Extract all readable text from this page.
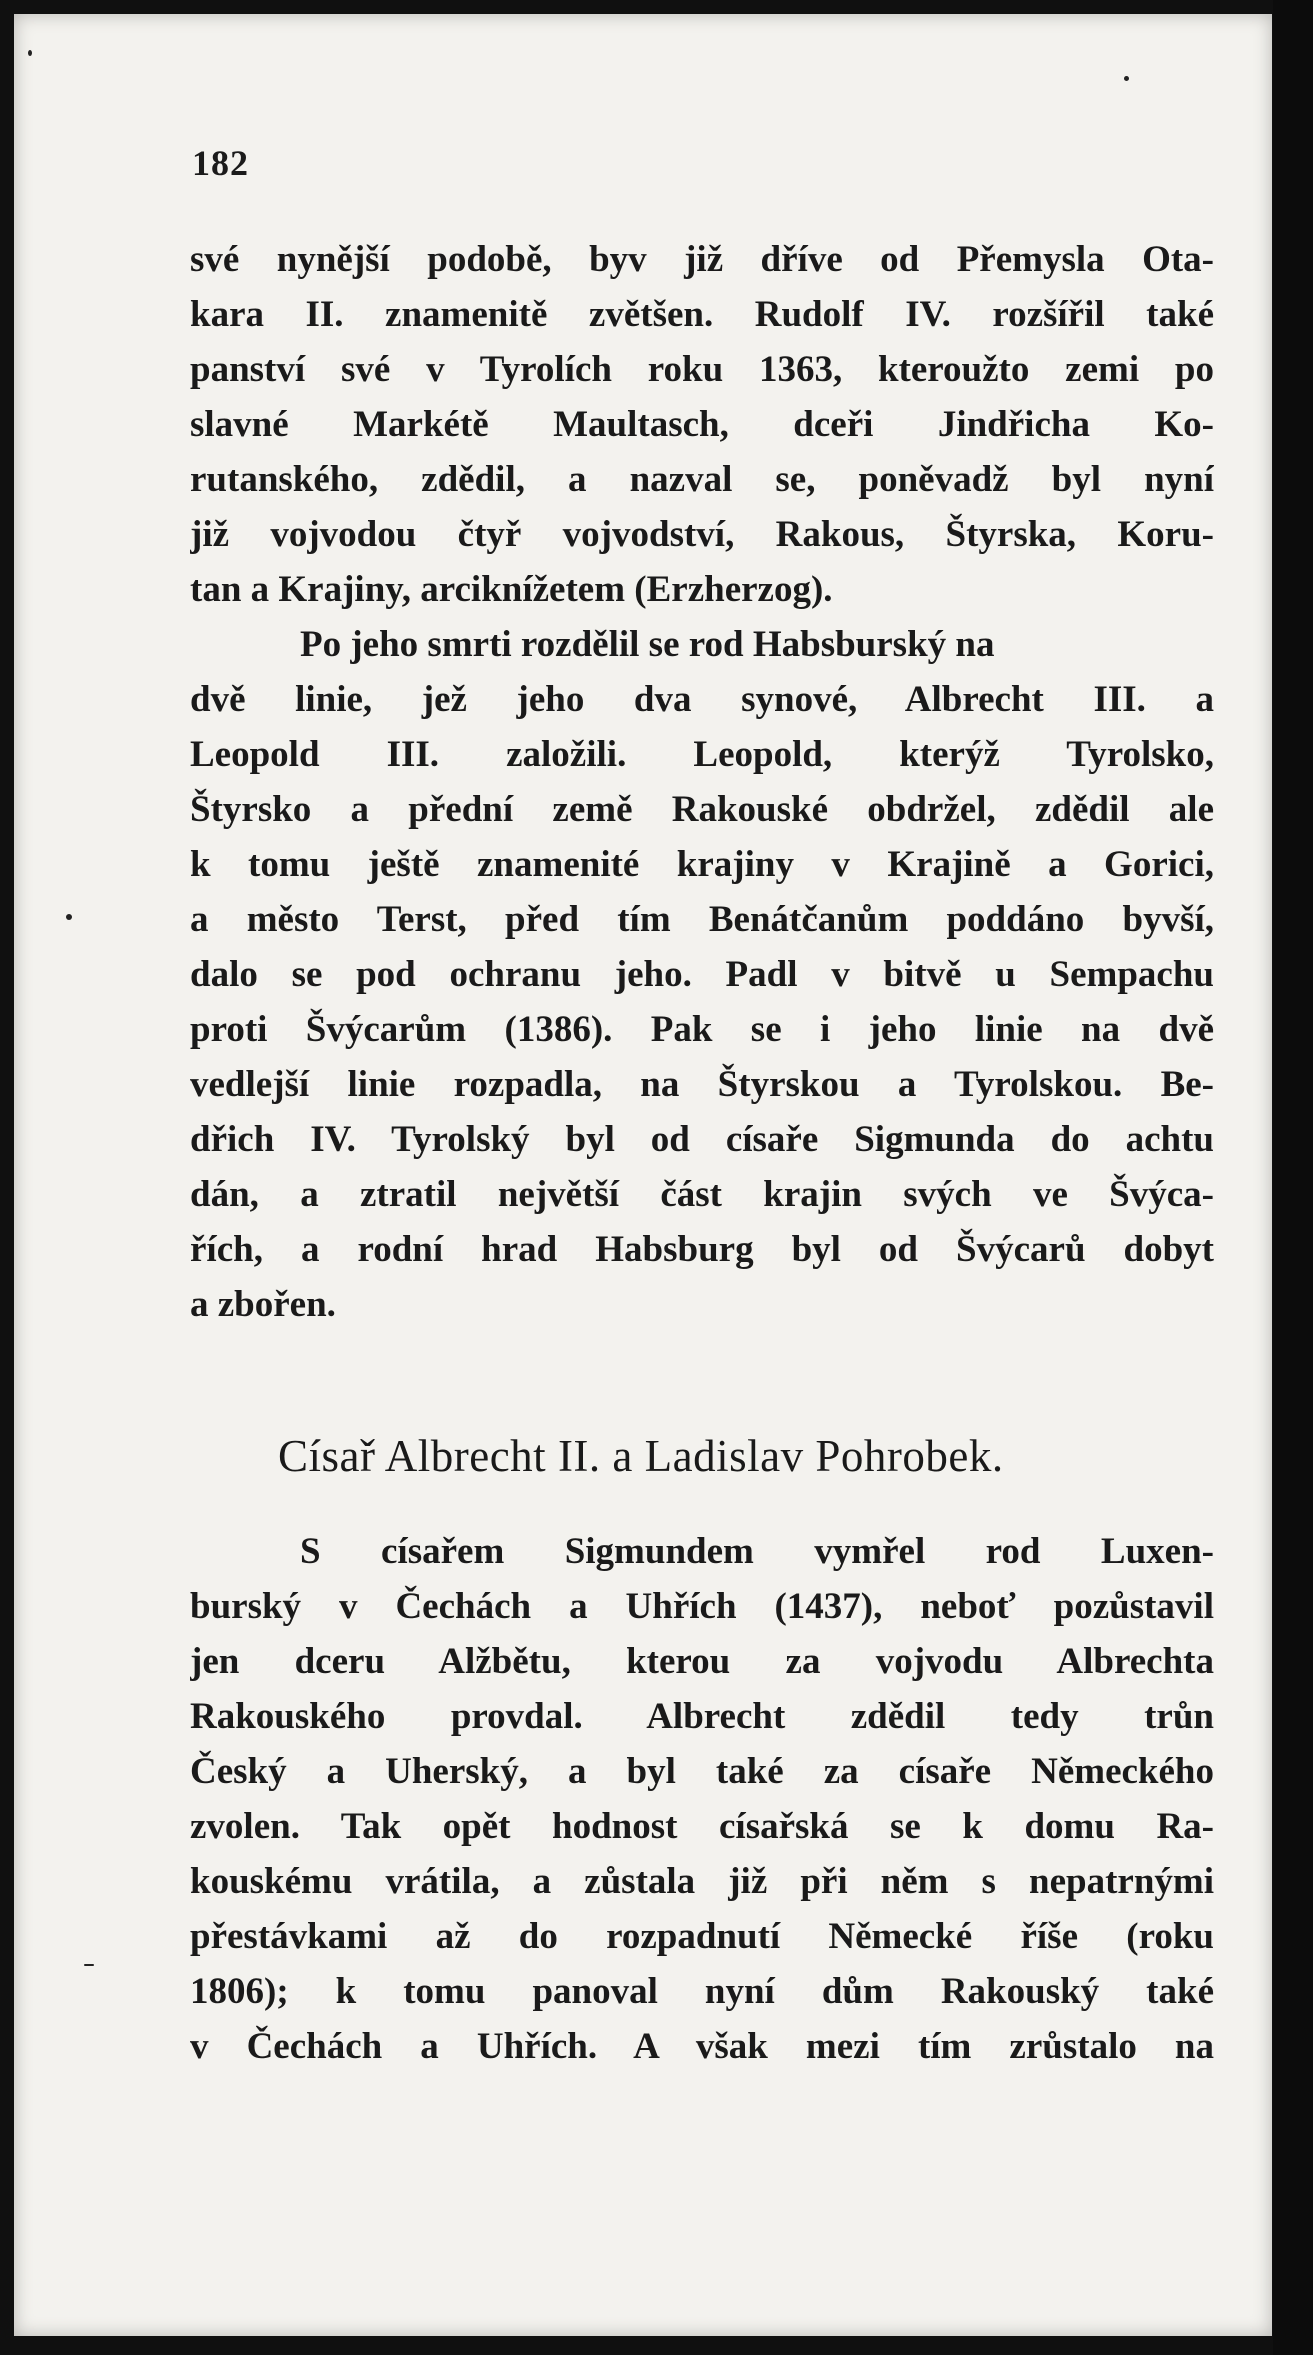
182
své nynější podobě, byv již dříve od Přemysla Ota-
kara II. znamenitě zvětšen. Rudolf IV. rozšířil také
panství své v Tyrolích roku 1363, kteroužto zemi po
slavné Markétě Maultasch, dceři Jindřicha Ko-
rutanského, zdědil, a nazval se, poněvadž byl nyní
již vojvodou čtyř vojvodství, Rakous, Štyrska, Koru-
tan a Krajiny, arciknížetem (Erzherzog).
Po jeho smrti rozdělil se rod Habsburský na
dvě linie, jež jeho dva synové, Albrecht III. a
Leopold III. založili. Leopold, kterýž Tyrolsko,
Štyrsko a přední země Rakouské obdržel, zdědil ale
k tomu ještě znamenité krajiny v Krajině a Gorici,
a město Terst, před tím Benátčanům poddáno byvší,
dalo se pod ochranu jeho. Padl v bitvě u Sempachu
proti Švýcarům (1386). Pak se i jeho linie na dvě
vedlejší linie rozpadla, na Štyrskou a Tyrolskou. Be-
dřich IV. Tyrolský byl od císaře Sigmunda do achtu
dán, a ztratil největší část krajin svých ve Švýca-
řích, a rodní hrad Habsburg byl od Švýcarů dobyt
a zbořen.
Císař Albrecht II. a Ladislav Pohrobek.
S císařem Sigmundem vymřel rod Luxen-
burský v Čechách a Uhřích (1437), neboť pozůstavil
jen dceru Alžbětu, kterou za vojvodu Albrechta
Rakouského provdal. Albrecht zdědil tedy trůn
Český a Uherský, a byl také za císaře Německého
zvolen. Tak opět hodnost císařská se k domu Ra-
kouskému vrátila, a zůstala již při něm s nepatrnými
přestávkami až do rozpadnutí Německé říše (roku
1806); k tomu panoval nyní dům Rakouský také
v Čechách a Uhřích. A však mezi tím zrůstalo na
